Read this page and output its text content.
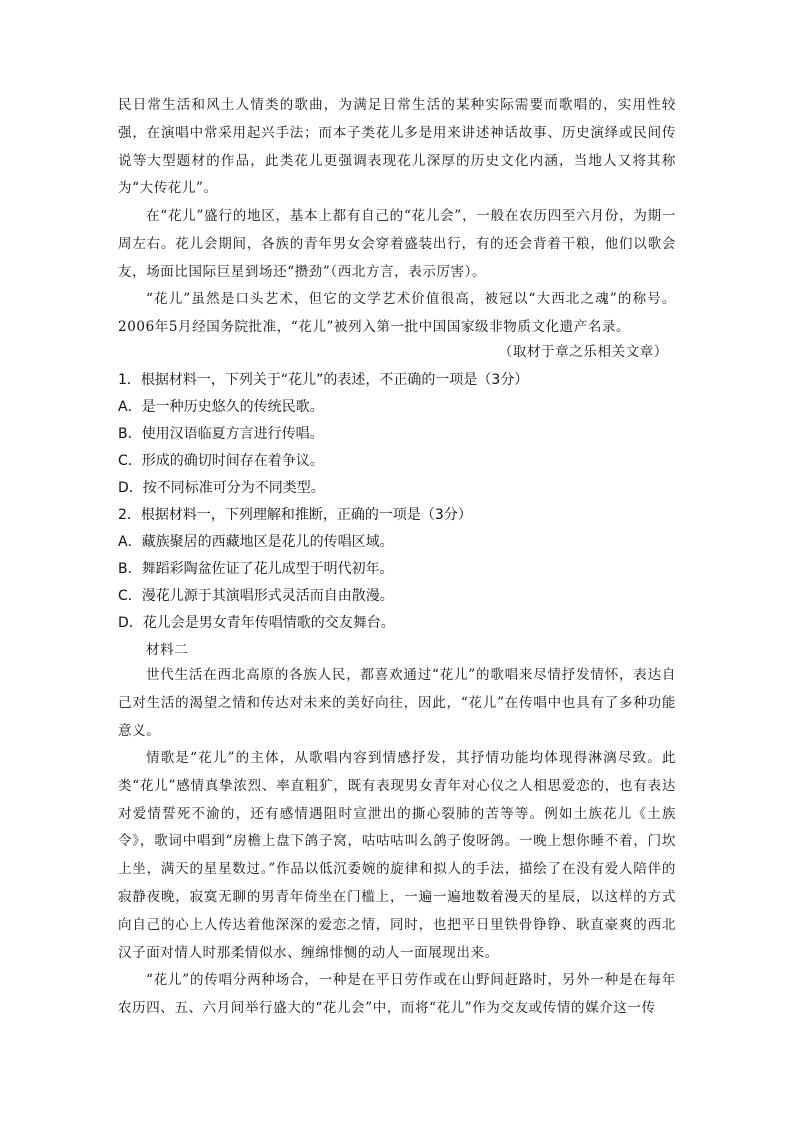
民日常生活和风土人情类的歌曲，为满足日常生活的某种实际需要而歌唱的，实用性较强，在演唱中常采用起兴手法；而本子类花儿多是用来讲述神话故事、历史演绎或民间传说等大型题材的作品，此类花儿更强调表现花儿深厚的历史文化内涵，当地人又将其称为“大传花儿”。
在“花儿”盛行的地区，基本上都有自己的“花儿会”，一般在农历四至六月份，为期一周左右。花儿会期间，各族的青年男女会穿着盛装出行，有的还会背着干粮，他们以歌会友，场面比国际巨星到场还“攒劲”（西北方言，表示厉害）。
“花儿”虽然是口头艺术，但它的文学艺术价值很高，被冠以“大西北之魂”的称号。2006年5月经国务院批准，“花儿”被列入第一批中国国家级非物质文化遗产名录。
（取材于章之乐相关文章）
1．根据材料一，下列关于“花儿”的表述，不正确的一项是（3分）
A．是一种历史悠久的传统民歌。
B．使用汉语临夏方言进行传唱。
C．形成的确切时间存在着争议。
D．按不同标准可分为不同类型。
2．根据材料一，下列理解和推断，正确的一项是（3分）
A．藏族聚居的西藏地区是花儿的传唱区域。
B．舞蹈彩陶盆佐证了花儿成型于明代初年。
C．漫花儿源于其演唱形式灵活而自由散漫。
D．花儿会是男女青年传唱情歌的交友舞台。
材料二
世代生活在西北高原的各族人民，都喜欢通过“花儿”的歌唱来尽情抒发情怀，表达自己对生活的渴望之情和传达对未来的美好向往，因此，“花儿”在传唱中也具有了多种功能意义。
情歌是“花儿”的主体，从歌唱内容到情感抒发，其抒情功能均体现得淋漓尽致。此类“花儿”感情真挚浓烈、率直粗犷，既有表现男女青年对心仪之人相思爱恋的，也有表达对爱情誓死不渝的，还有感情遇阻时宣泄出的撕心裂肺的苦等等。例如土族花儿《土族令》，歌词中唱到“房檐上盘下鸽子窝，咕咕咕叫么鸽子俊呀鸽。一晚上想你睡不着，门坎上坐，满天的星星数过。”作品以低沉委婉的旋律和拟人的手法，描绘了在没有爱人陪伴的寂静夜晚，寂寞无聊的男青年倚坐在门槛上，一遍一遍地数着漫天的星辰，以这样的方式向自己的心上人传达着他深深的爱恋之情，同时，也把平日里铁骨铮铮、耿直豪爽的西北汉子面对情人时那柔情似水、缠绵悱恻的动人一面展现出来。
“花儿”的传唱分两种场合，一种是在平日劳作或在山野间赶路时，另外一种是在每年农历四、五、六月间举行盛大的“花儿会”中，而将“花儿”作为交友或传情的媒介这一传
